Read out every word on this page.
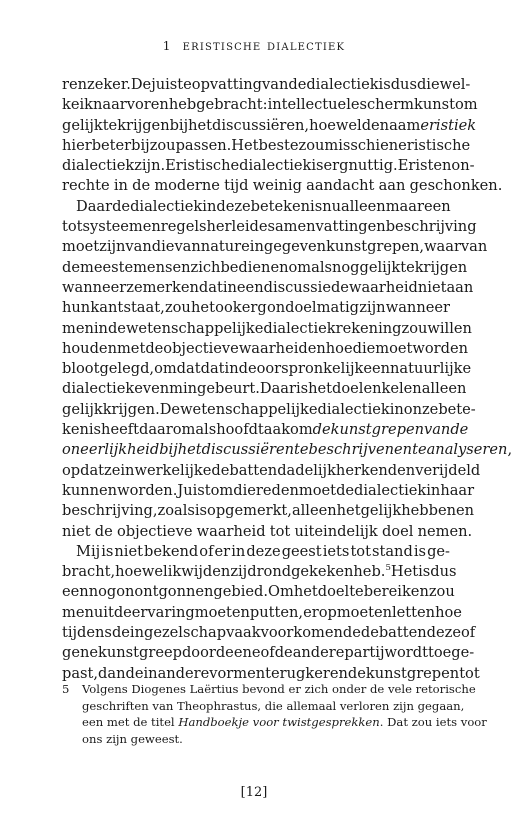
1 eristische dialectiek
ren zeker. De juiste opvatting van de dialectiek is dus die wel-
ke ik naar voren heb gebracht: intellectuele schermkunst om
gelijk te krijgen bij het discussiëren, hoewel de naam eristiek
hier beter bij zou passen. Het beste zou misschien eristische
dialectiek zijn. Eristische dialectiek is erg nuttig. Er is ten on-
rechte in de moderne tijd weinig aandacht aan geschonken.
Daar de dialectiek in deze betekenis nu alleen maar een
tot systeem en regels herleide samenvatting en beschrijving
moet zijn van die van nature ingegeven kunstgrepen, waarvan
de meeste mensen zich bedienen om alsnog gelijk te krijgen
wanneer ze merken dat in een discussie de waarheid niet aan
hun kant staat, zou het ook erg ondoelmatig zijn wanneer
men in de wetenschappelijke dialectiek rekening zou willen
houden met de objectieve waarheid en hoe die moet worden
blootgelegd, omdat dat in de oorspronkelijke en natuurlijke
dialectiek evenmin gebeurt. Daar is het doel enkel en alleen
gelijk krijgen. De wetenschappelijke dialectiek in onze bete-
kenis heeft daarom als hoofdtaak om de kunstgrepen van de
oneerlijkheid bij het discussiëren te beschrijven en te analyseren,
opdat ze in werkelijke debatten dadelijk herkend en verijdeld
kunnen worden. Juist om die reden moet de dialectiek in haar
beschrijving, zoals is opgemerkt, alleen het gelijk hebben en
niet de objectieve waarheid tot uiteindelijk doel nemen.
Mij is niet bekend of er in deze geest iets tot stand is ge-
bracht, hoewel ik wijd en zijd rondgekeken heb.$^5$ Het is dus
een nog onontgonnen gebied. Om het doel te bereiken zou
men uit de ervaring moeten putten, erop moeten letten hoe
tijdens de in gezelschap vaak voorkomende debatten deze of
gene kunstgreep door de ene of de andere partij wordt toege-
past, dan de in andere vormen terugkerende kunstgrepen tot
5	Volgens Diogenes Laërtius bevond er zich onder de vele retorische
geschriften van Theophrastus, die allemaal verloren zijn gegaan,
een met de titel Handboekje voor twistgesprekken. Dat zou iets voor
ons zijn geweest.
[12]
